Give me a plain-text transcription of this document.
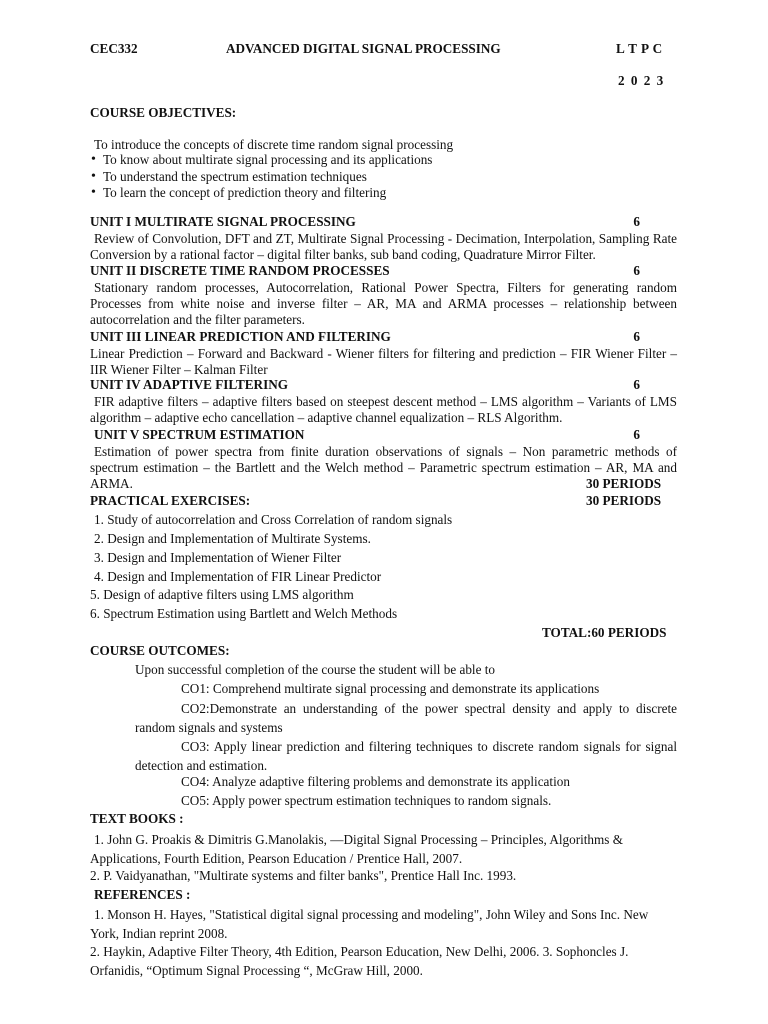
CEC332	ADVANCED DIGITAL SIGNAL PROCESSING	L T P C
2 0 2 3
COURSE OBJECTIVES:
To introduce the concepts of discrete time random signal processing
• To know about multirate signal processing and its applications
• To understand the spectrum estimation techniques
• To learn the concept of prediction theory and filtering
UNIT I MULTIRATE SIGNAL PROCESSING	6
Review of Convolution, DFT and ZT, Multirate Signal Processing - Decimation, Interpolation, Sampling Rate Conversion by a rational factor – digital filter banks, sub band coding, Quadrature Mirror Filter.
UNIT II DISCRETE TIME RANDOM PROCESSES	6
Stationary random processes, Autocorrelation, Rational Power Spectra, Filters for generating random Processes from white noise and inverse filter – AR, MA and ARMA processes – relationship between autocorrelation and the filter parameters.
UNIT III LINEAR PREDICTION AND FILTERING	6
Linear Prediction – Forward and Backward - Wiener filters for filtering and prediction – FIR Wiener Filter – IIR Wiener Filter – Kalman Filter
UNIT IV ADAPTIVE FILTERING	6
FIR adaptive filters – adaptive filters based on steepest descent method – LMS algorithm – Variants of LMS algorithm – adaptive echo cancellation – adaptive channel equalization – RLS Algorithm.
UNIT V SPECTRUM ESTIMATION	6
Estimation of power spectra from finite duration observations of signals – Non parametric methods of spectrum estimation – the Bartlett and the Welch method – Parametric spectrum estimation – AR, MA and ARMA.	30 PERIODS
PRACTICAL EXERCISES:	30 PERIODS
1. Study of autocorrelation and Cross Correlation of random signals
2. Design and Implementation of Multirate Systems.
3. Design and Implementation of Wiener Filter
4. Design and Implementation of FIR Linear Predictor
5. Design of adaptive filters using LMS algorithm
6. Spectrum Estimation using Bartlett and Welch Methods
TOTAL:60 PERIODS
COURSE OUTCOMES:
Upon successful completion of the course the student will be able to
CO1: Comprehend multirate signal processing and demonstrate its applications
CO2:Demonstrate an understanding of the power spectral density and apply to discrete random signals and systems
CO3: Apply linear prediction and filtering techniques to discrete random signals for signal detection and estimation.
CO4: Analyze adaptive filtering problems and demonstrate its application
CO5: Apply power spectrum estimation techniques to random signals.
TEXT BOOKS :
1. John G. Proakis & Dimitris G.Manolakis, ―Digital Signal Processing – Principles, Algorithms & Applications, Fourth Edition, Pearson Education / Prentice Hall, 2007.
2. P. Vaidyanathan, "Multirate systems and filter banks", Prentice Hall Inc. 1993.
REFERENCES :
1. Monson H. Hayes, "Statistical digital signal processing and modeling", John Wiley and Sons Inc. New York, Indian reprint 2008.
2. Haykin, Adaptive Filter Theory, 4th Edition, Pearson Education, New Delhi, 2006. 3. Sophoncles J. Orfanidis, “Optimum Signal Processing “, McGraw Hill, 2000.
